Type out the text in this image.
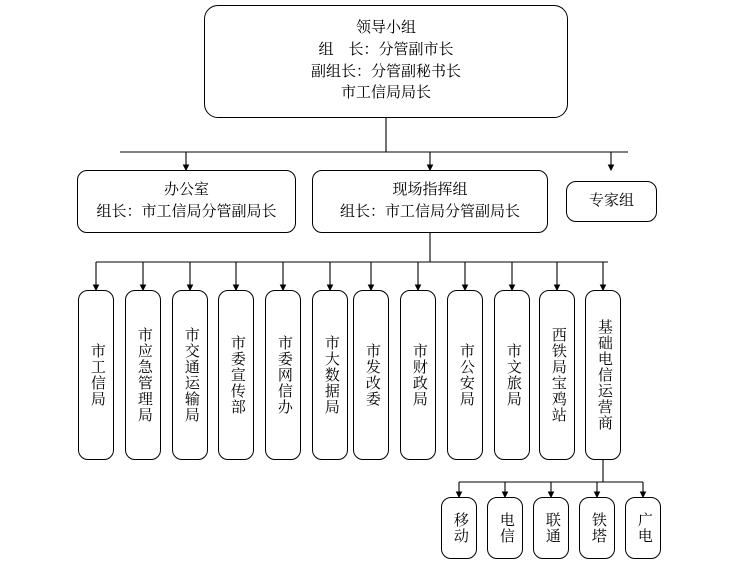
领导小组
组　长：分管副市长
副组长：分管副秘书长
市工信局局长
办公室
组长：市工信局分管副局长
现场指挥组
组长：市工信局分管副局长
专家组
市工信局 市应急管理局 市交通运输局 市委宣传部 市委网信办 市大数据局 市发改委 市财政局 市公安局 市文旅局 西铁局宝鸡站 基础电信运营商
移动 电信 联通 铁塔 广电
